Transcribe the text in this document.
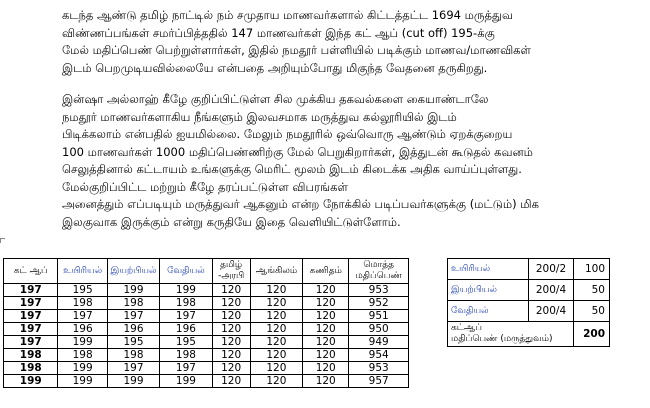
கடந்த ஆண்டு தமிழ் நாட்டில் நம் சமுதாய மாணவர்களால் கிட்டத்தட்ட 1694 மருத்துவ
விண்ணப்பங்கள் சமர்ப்பித்ததில் 147 மாணவர்கள் இந்த கட் ஆப் (cut off) 195-க்கு
மேல் மதிப்பெண் பெற்றுள்ளார்கள், இதில் நமதூர் பள்ளியில் படிக்கும் மாணவ/மாணவிகள்
இடம் பெறமுடியவில்லையே என்பதை அறியும்போது மிகுந்த வேதனை தருகிறது.
இன்ஷா அல்லாஹ் கீழே குறிப்பிட்டுள்ள சில முக்கிய தகவல்களை கையாண்டாலே
நமதூர் மாணவர்களாகிய நீங்களும் இலவசமாக மருத்துவ கல்லூரியில் இடம்
பிடிக்கலாம் என்பதில் ஐயமில்லை. மேலும் நமதூரில் ஒவ்வொரு ஆண்டும் ஏறக்குறைய
100 மாணவர்கள் 1000 மதிப்பெண்ணிற்கு மேல் பெறுகிறார்கள், இத்துடன் கூடுதல் கவனம்
செலுத்தினால் கட்டாயம் உங்களுக்கு மெரிட் மூலம் இடம் கிடைக்க அதிக வாய்ப்புள்ளது.
மேல்குறிப்பிட்ட மற்றும் கீழே தரப்பட்டுள்ள விபரங்கள்
அனைத்தும் எப்படியும் மருத்துவர் ஆகனும் என்ற நோக்கில் படிப்பவர்களுக்கு (மட்டும்) மிக
இலகுவாக இருக்கும் என்று கருதியே இதை வெளியிட்டுள்ளோம்.
கட் ஆப்	உயிரியல்	இயற்பியல்	வேதியல்	தமிழ் -அரபி	ஆங்கிலம்	கணிதம்	மொத்த மதிப்பெண்
197	195	199	199	120	120	120	953
197	198	198	198	120	120	120	952
197	197	197	197	120	120	120	951
197	196	196	196	120	120	120	950
197	199	195	195	120	120	120	949
198	198	198	198	120	120	120	954
198	199	197	197	120	120	120	953
199	199	199	199	120	120	120	957
உயிரியல்	200/2	100
இயற்பியல்	200/4	50
வேதியல்	200/4	50

கட்ஆப்
மதிப்பெண் (மருத்துவம்)		200
